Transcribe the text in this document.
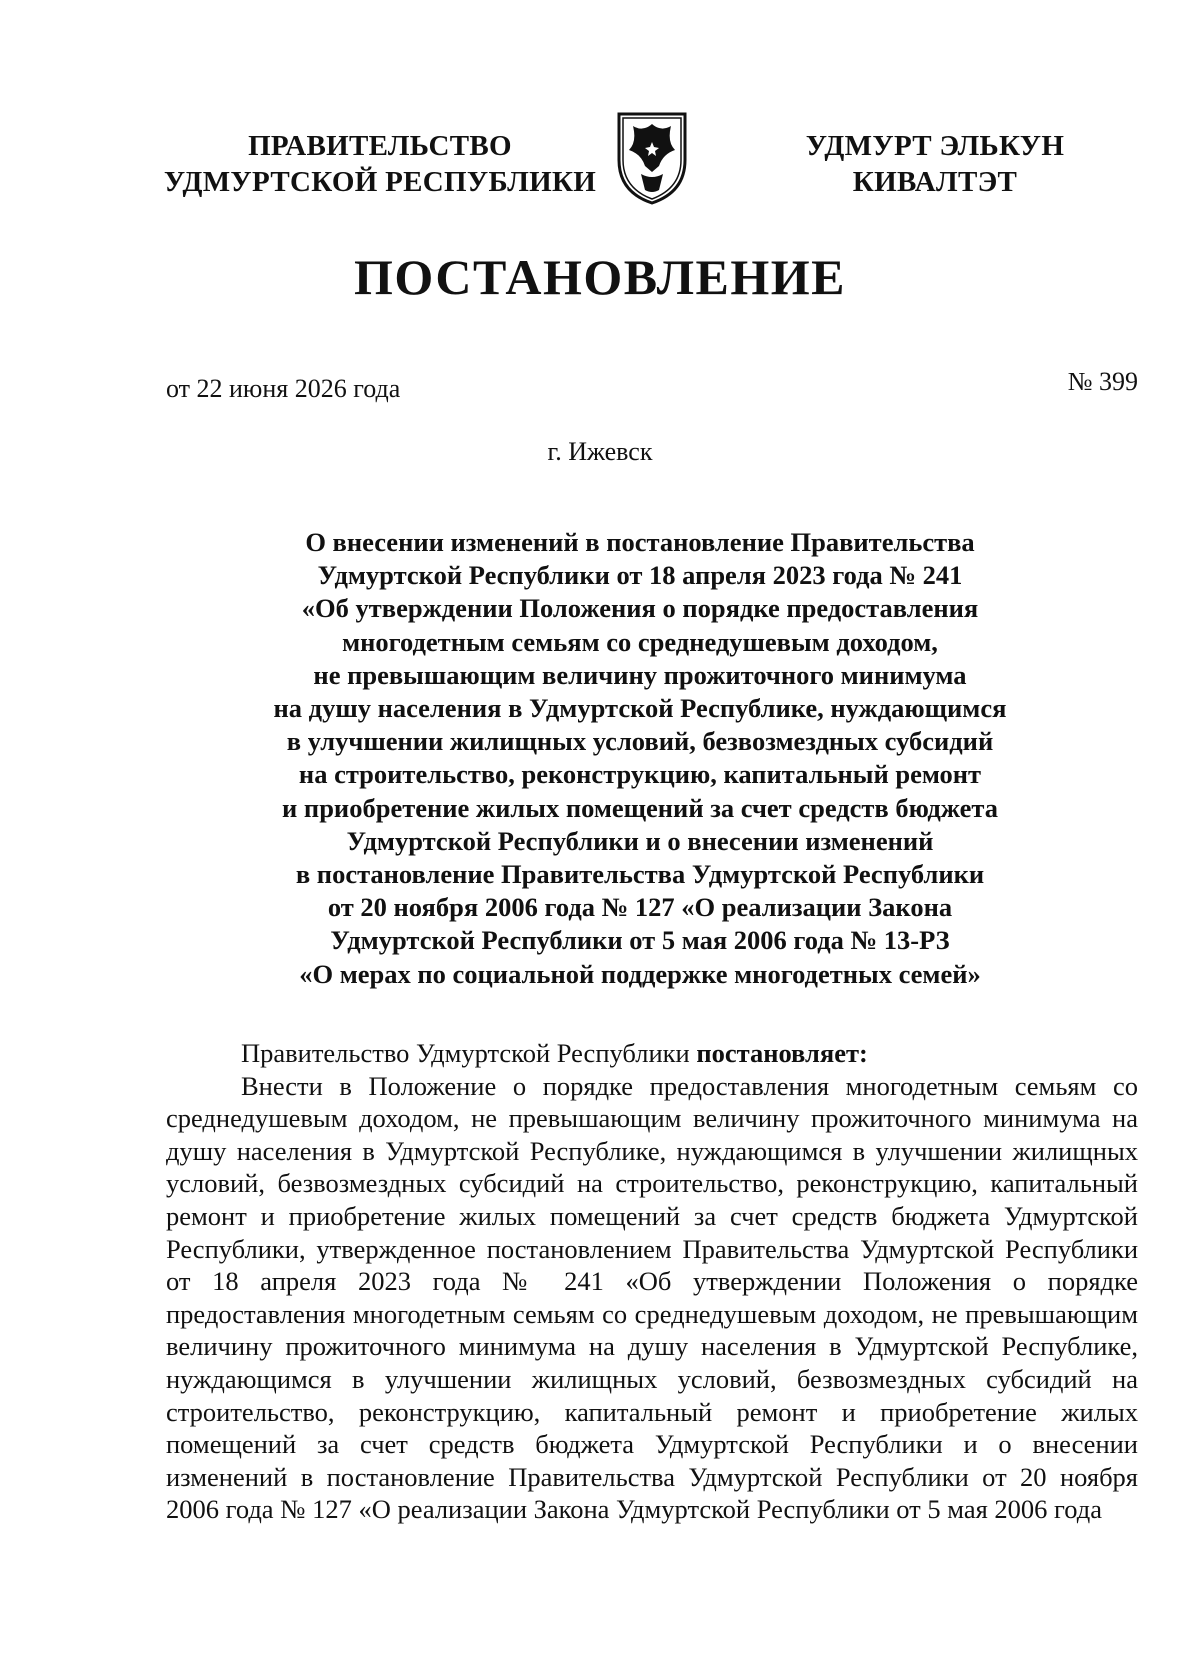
ПРАВИТЕЛЬСТВО
УДМУРТСКОЙ РЕСПУБЛИКИ
УДМУРТ ЭЛЬКУН
КИВАЛТЭТ
ПОСТАНОВЛЕНИЕ
от 22 июня 2026 года	№ 399
г. Ижевск
О внесении изменений в постановление Правительства
Удмуртской Республики от 18 апреля 2023 года № 241
«Об утверждении Положения о порядке предоставления
многодетным семьям со среднедушевым доходом,
не превышающим величину прожиточного минимума
на душу населения в Удмуртской Республике, нуждающимся
в улучшении жилищных условий, безвозмездных субсидий
на строительство, реконструкцию, капитальный ремонт
и приобретение жилых помещений за счет средств бюджета
Удмуртской Республики и о внесении изменений
в постановление Правительства Удмуртской Республики
от 20 ноября 2006 года № 127 «О реализации Закона
Удмуртской Республики от 5 мая 2006 года № 13-РЗ
«О мерах по социальной поддержке многодетных семей»

Правительство Удмуртской Республики постановляет:

Внести в Положение о порядке предоставления многодетным семьям со среднедушевым доходом, не превышающим величину прожиточного минимума на душу населения в Удмуртской Республике, нуждающимся в улучшении жилищных условий, безвозмездных субсидий на строительство, реконструкцию, капитальный ремонт и приобретение жилых помещений за счет средств бюджета Удмуртской Республики, утвержденное постановлением Правительства Удмуртской Республики от 18 апреля 2023 года № 241 «Об утверждении Положения о порядке предоставления многодетным семьям со среднедушевым доходом, не превышающим величину прожиточного минимума на душу населения в Удмуртской Республике, нуждающимся в улучшении жилищных условий, безвозмездных субсидий на строительство, реконструкцию, капитальный ремонт и приобретение жилых помещений за счет средств бюджета Удмуртской Республики и о внесении изменений в постановление Правительства Удмуртской Республики от 20 ноября 2006 года № 127 «О реализации Закона Удмуртской Республики от 5 мая 2006 года
